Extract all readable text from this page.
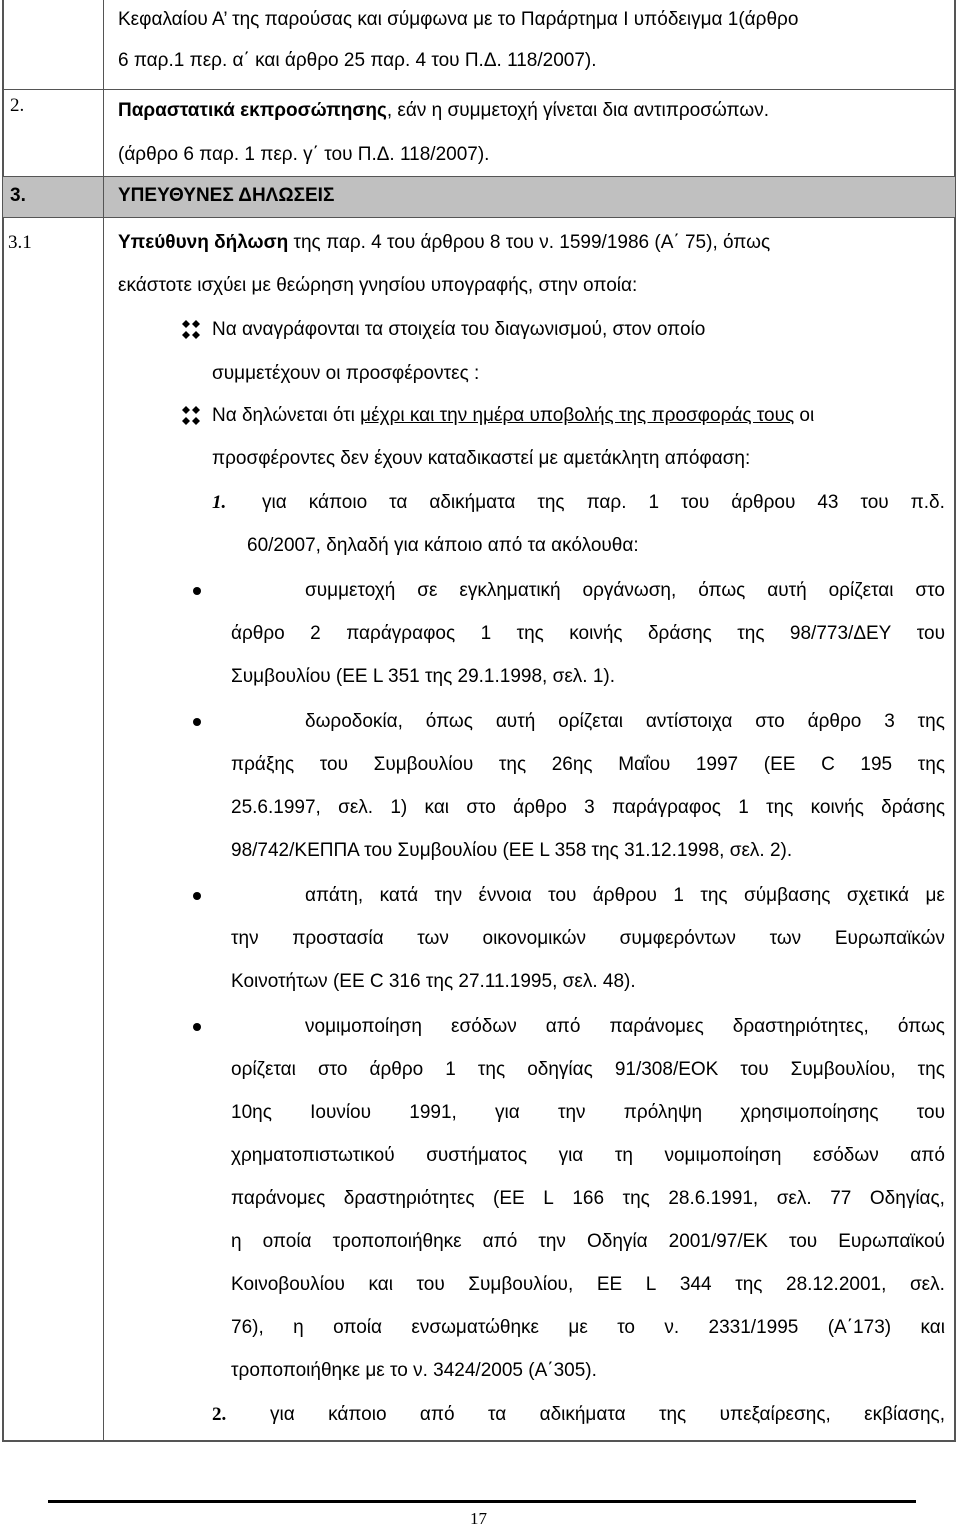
Κεφαλαίου Α’ της παρούσας και σύμφωνα με το Παράρτημα Ι υπόδειγμα 1(άρθρο
6 παρ.1 περ. α΄ και άρθρο 25 παρ. 4 του Π.Δ. 118/2007).
2.	Παραστατικά εκπροσώπησης, εάν η συμμετοχή γίνεται δια αντιπροσώπων.
(άρθρο 6 παρ. 1 περ. γ΄ του Π.Δ. 118/2007).
3.	ΥΠΕΥΘΥΝΕΣ ΔΗΛΩΣΕΙΣ
3.1	Υπεύθυνη δήλωση της παρ. 4 του άρθρου 8 του ν. 1599/1986 (Α΄ 75), όπως
εκάστοτε ισχύει με θεώρηση γνησίου υπογραφής, στην οποία:
Να αναγράφονται τα στοιχεία του διαγωνισμού, στον οποίο
συμμετέχουν οι προσφέροντες :
Να δηλώνεται ότι μέχρι και την ημέρα υποβολής της προσφοράς τους οι
προσφέροντες δεν έχουν καταδικαστεί με αμετάκλητη απόφαση:
1. για κάποιο τα αδικήματα της παρ. 1 του άρθρου 43 του π.δ.
60/2007, δηλαδή για κάποιο από τα ακόλουθα:
συμμετοχή σε εγκληματική οργάνωση, όπως αυτή ορίζεται στο
άρθρο 2 παράγραφος 1 της κοινής δράσης της 98/773/ΔΕΥ του
Συμβουλίου (ΕΕ L 351 της 29.1.1998, σελ. 1).
δωροδοκία, όπως αυτή ορίζεται αντίστοιχα στο άρθρο 3 της
πράξης του Συμβουλίου της 26ης Μαΐου 1997 (ΕΕ C 195 της
25.6.1997, σελ. 1) και στο άρθρο 3 παράγραφος 1 της κοινής δράσης
98/742/ΚΕΠΠΑ του Συμβουλίου (ΕΕ L 358 της 31.12.1998, σελ. 2).
απάτη, κατά την έννοια του άρθρου 1 της σύμβασης σχετικά με
την προστασία των οικονομικών συμφερόντων των Ευρωπαϊκών
Κοινοτήτων (ΕΕ C 316 της 27.11.1995, σελ. 48).
νομιμοποίηση εσόδων από παράνομες δραστηριότητες, όπως
ορίζεται στο άρθρο 1 της οδηγίας 91/308/ΕΟΚ του Συμβουλίου, της
10ης Ιουνίου 1991, για την πρόληψη χρησιμοποίησης του
χρηματοπιστωτικού συστήματος για τη νομιμοποίηση εσόδων από
παράνομες δραστηριότητες (ΕΕ L 166 της 28.6.1991, σελ. 77 Οδηγίας,
η οποία τροποποιήθηκε από την Οδηγία 2001/97/ΕΚ του Ευρωπαϊκού
Κοινοβουλίου και του Συμβουλίου, ΕΕ L 344 της 28.12.2001, σελ.
76), η οποία ενσωματώθηκε με το ν. 2331/1995 (Α΄173) και
τροποποιήθηκε με το ν. 3424/2005 (Α΄305).
2. για κάποιο από τα αδικήματα της υπεξαίρεσης, εκβίασης,
17
